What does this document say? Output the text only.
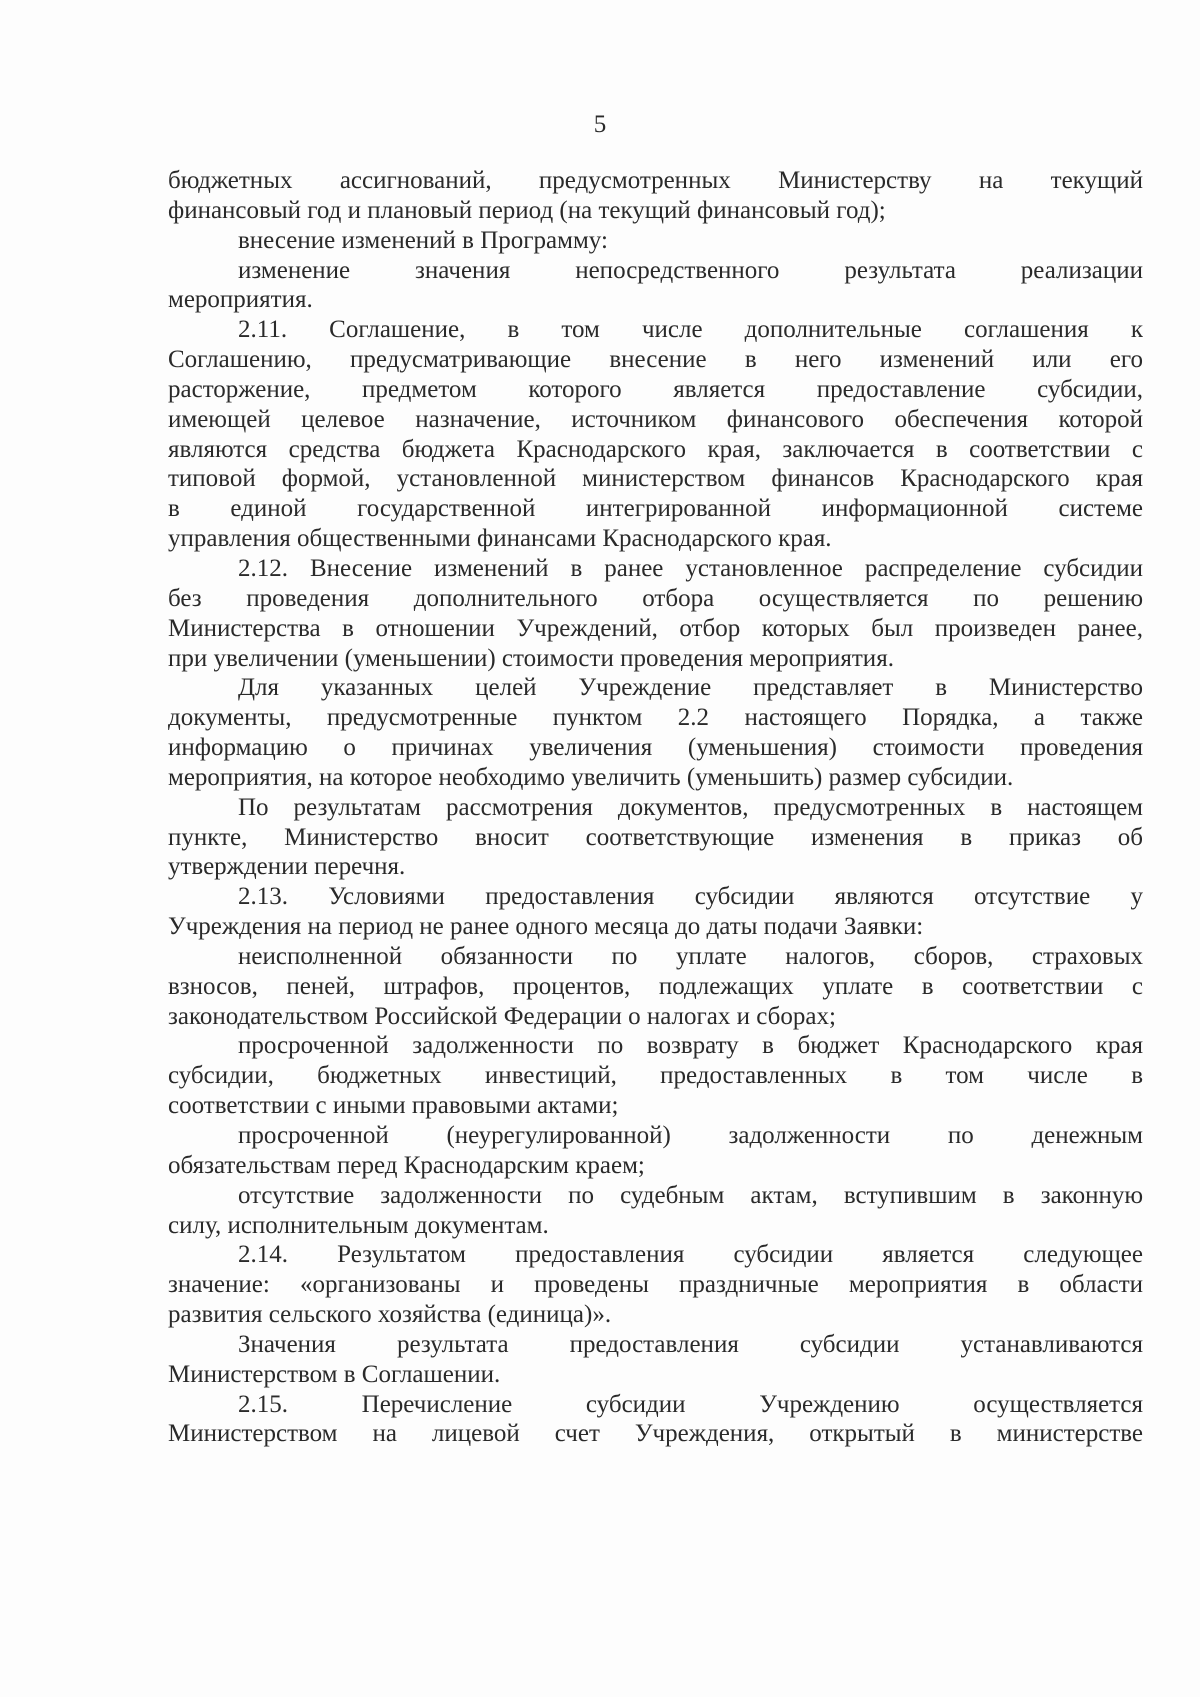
5
бюджетных ассигнований, предусмотренных Министерству на текущий
финансовый год и плановый период (на текущий финансовый год);
внесение изменений в Программу:
изменение значения непосредственного результата реализации
мероприятия.
2.11. Соглашение, в том числе дополнительные соглашения к
Соглашению, предусматривающие внесение в него изменений или его
расторжение, предметом которого является предоставление субсидии,
имеющей целевое назначение, источником финансового обеспечения которой
являются средства бюджета Краснодарского края, заключается в соответствии с
типовой формой, установленной министерством финансов Краснодарского края
в единой государственной интегрированной информационной системе
управления общественными финансами Краснодарского края.
2.12. Внесение изменений в ранее установленное распределение субсидии
без проведения дополнительного отбора осуществляется по решению
Министерства в отношении Учреждений, отбор которых был произведен ранее,
при увеличении (уменьшении) стоимости проведения мероприятия.
Для указанных целей Учреждение представляет в Министерство
документы, предусмотренные пунктом 2.2 настоящего Порядка, а также
информацию о причинах увеличения (уменьшения) стоимости проведения
мероприятия, на которое необходимо увеличить (уменьшить) размер субсидии.
По результатам рассмотрения документов, предусмотренных в настоящем
пункте, Министерство вносит соответствующие изменения в приказ об
утверждении перечня.
2.13. Условиями предоставления субсидии являются отсутствие у
Учреждения на период не ранее одного месяца до даты подачи Заявки:
неисполненной обязанности по уплате налогов, сборов, страховых
взносов, пеней, штрафов, процентов, подлежащих уплате в соответствии с
законодательством Российской Федерации о налогах и сборах;
просроченной задолженности по возврату в бюджет Краснодарского края
субсидии, бюджетных инвестиций, предоставленных в том числе в
соответствии с иными правовыми актами;
просроченной (неурегулированной) задолженности по денежным
обязательствам перед Краснодарским краем;
отсутствие задолженности по судебным актам, вступившим в законную
силу, исполнительным документам.
2.14. Результатом предоставления субсидии является следующее
значение: «организованы и проведены праздничные мероприятия в области
развития сельского хозяйства (единица)».
Значения результата предоставления субсидии устанавливаются
Министерством в Соглашении.
2.15. Перечисление субсидии Учреждению осуществляется
Министерством на лицевой счет Учреждения, открытый в министерстве
